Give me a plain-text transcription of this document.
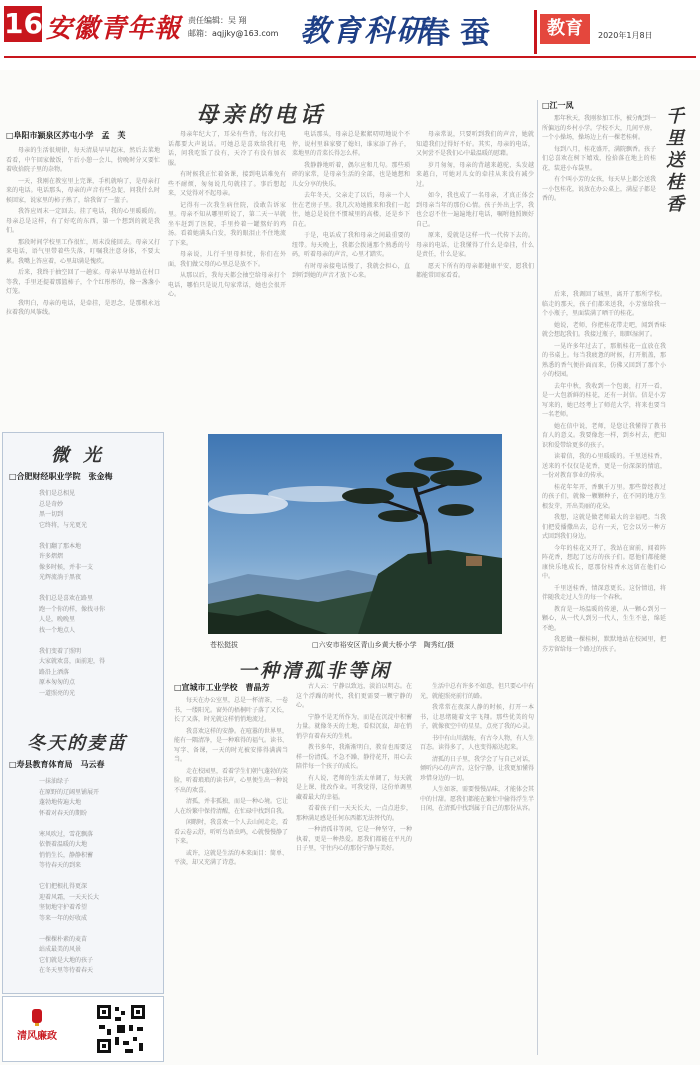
16 安徽青年報 责任编辑：吴 翔
邮箱：aqjjky@163.com 教育科研
春蚕	教育	2020年1月8日
母亲的电话
□阜阳市颍泉区苏屯小学　孟　芙

母亲的生活很规律，每天清晨早早起床，然后去菜地看看，中午回家做饭，午后小憩一会儿，傍晚时分又要忙着收拾院子里的杂物。

一天，我刚在教室里上完课，手机就响了，是母亲打来的电话。电话那头，母亲的声音有些急促，问我什么时候回家，说家里的柿子熟了，给我留了一篮子。

我答应周末一定回去。挂了电话，我的心里暖暖的。母亲总是这样，有了好吃的东西，第一个想到的就是我们。

那段时间学校里工作很忙，周末没能回去。母亲又打来电话，语气里带着些失落，叮嘱我注意身体，不要太累。我嘴上答应着，心里却满是愧疚。

后来，我终于抽空回了一趟家。母亲早早地站在村口等我，手里还提着那篮柿子，个个红彤彤的，像一盏盏小灯笼。

我明白，母亲的电话，是牵挂，是思念，是那根永远拉着我的风筝线。

母亲年纪大了，耳朵有些背，每次打电话都要大声说话。可她总是喜欢给我打电话，问我吃饭了没有，天冷了有没有加衣服。

有时候我正忙着备课，接到电话难免有些不耐烦，匆匆说几句就挂了。事后想起来，又觉得对不起母亲。

记得有一次我生病住院，没敢告诉家里。母亲不知从哪里听说了，第二天一早就坐车赶到了医院，手里拎着一罐熬好的鸡汤。看着她满头白发，我的眼泪止不住地流了下来。

母亲说，儿行千里母担忧，你们在外面，我们做父母的心里总是放不下。

从那以后，我每天都会抽空给母亲打个电话，哪怕只是说几句家常话，她也会很开心。

电话那头，母亲总是絮絮叨叨地说个不停，说村里谁家娶了媳妇，谁家添了孙子，菜地里的青菜长得怎么样。

我静静地听着，偶尔应和几句。那些琐碎的家常，是母亲生活的全部，也是她想和儿女分享的快乐。

去年冬天，父亲走了以后，母亲一个人住在老房子里。我几次劝她搬来和我们一起住，她总是说住不惯城里的高楼，还是乡下自在。

于是，电话成了我和母亲之间最重要的纽带。每天晚上，我都会拨通那个熟悉的号码，听着母亲的声音，心里才踏实。

有时母亲接电话慢了，我就会担心，直到听到她的声音才放下心来。

母亲常说，只要听到我们的声音，她就知道我们过得好不好。其实，母亲的电话，又何尝不是我们心中最温暖的慰藉。

岁月匆匆，母亲的背越来越驼，头发越来越白，可她对儿女的牵挂从来没有减少过。

如今，我也成了一名母亲，才真正体会到母亲当年的那份心情。孩子外出上学，我也会忍不住一遍遍地打电话，嘱咐他照顾好自己。

原来，爱就是这样一代一代传下去的。母亲的电话，让我懂得了什么是牵挂，什么是责任，什么是家。

愿天下所有的母亲都健康平安，愿我们都能常回家看看。

微光
□合肥财经职业学院　张金梅
我们是总相见
总是奇妙
黑一切到
它终将，与光更光

我们翻了那本地
许多熠熠
像多时候，并非一支
光辉流淌于黑夜

我们总是喜欢在路里
跑一个你的样，像找寻你
人是，晚晚里
找一个地点人

我们变着了照明
大家就欢喜，面前迎，得
路沿上洒落
原本匆匆的点
一道照亮的光
冬天的麦苗
□寿县教育体育局　马云春
一抹油绿子
在原野的辽阔里铺展开
蓬勃地传遍大地
怀着对春天的期盼

寒风吹过，雪花飘落
依偎着温暖的大地
悄悄生长，静静积蓄
等待春天的到来

它们把根扎得更深
迎着风霜，一天天长大
坚韧地守护着希望
等来一年的好收成

一棵棵朴素的麦苗
站成最美的风景
它们就是大地的孩子
在冬天里等待着春天
清风廉政
苍松挺拔	□六安市裕安区青山乡黄大桥小学　陶秀红/摄
一种清孤非等闲
□宣城市工业学校　曹晶芳

每天在办公室里，总是一杯清茶，一卷书，一缕阳光。窗外的梧桐叶子落了又长，长了又落，时光就这样悄悄地流过。

我喜欢这样的安静。在喧嚣的世界里，能有一隅清净，是一种难得的福气。读书、写字、备课，一天的时光被安排得满满当当。

走在校园里，看着学生们朝气蓬勃的笑脸，听着琅琅的读书声，心里便生出一种说不出的欢喜。

清孤，并非孤独，而是一种心境。它让人在纷繁中保持清醒，在忙碌中找到自我。

闲暇时，我喜欢一个人去山间走走，看看云卷云舒，听听鸟语虫鸣，心就慢慢静了下来。

或许，这就是生活的本来面目：简单、平淡，却又充满了诗意。

古人云：宁静以致远，淡泊以明志。在这个浮躁的时代，我们更需要一颗宁静的心。

宁静不是无所作为，而是在沉淀中积蓄力量。就像冬天的土地，看似沉寂，却在悄悄孕育着春天的生机。

教书多年，我渐渐明白，教育也需要这样一份清孤。不急不躁，静待花开，用心去陪伴每一个孩子的成长。

有人说，老师的生活太单调了，每天就是上课、批改作业。可我觉得，这份单调里藏着最大的幸福。

看着孩子们一天天长大，一点点进步，那种满足感是任何东西都无法替代的。

一种清孤非等闲，它是一种坚守，一种执着，更是一种热爱。愿我们都能在平凡的日子里，守住内心的那份宁静与美好。

生活中总有许多不如意，但只要心中有光，就能照亮前行的路。

我常常在夜深人静的时候，打开一本书，让思绪随着文字飞翔。那些优美的句子，就像夜空中的星星，点亮了我的心灵。

书中有山川湖海，有古今人物，有人生百态。读得多了，人也变得豁达起来。

清孤的日子里，我学会了与自己对话，倾听内心的声音。这份宁静，让我更加懂得珍惜身边的一切。

人生如茶，需要慢慢品味，才能体会其中的甘甜。愿我们都能在繁忙中偷得浮生半日闲，在清孤中找到属于自己的那份从容。

□江一凤
千里送桂香

那年秋天，我刚参加工作，被分配到一所偏远的乡村小学。学校不大，几间平房，一个小操场，操场边上有一棵老桂树。

每到八月，桂花盛开，满院飘香。孩子们总喜欢在树下嬉戏，捡拾落在地上的桂花，装进小布袋里。

有个叫小芳的女孩，每天早上都会送我一小包桂花，说放在办公桌上，满屋子都是香的。

后来，我调回了城里，离开了那所学校。临走的那天，孩子们都来送我，小芳塞给我一个小瓶子，里面装满了晒干的桂花。

她说，老师，你把桂花带走吧，闻到香味就会想起我们。我接过瓶子，眼眶湿润了。

一晃许多年过去了，那瓶桂花一直放在我的书桌上。每当我疲惫的时候，打开瓶盖，那熟悉的香气便扑面而来，仿佛又回到了那个小小的校园。

去年中秋，我收到一个包裹，打开一看，是一大包新鲜的桂花，还有一封信。信是小芳写来的，她已经考上了师范大学，将来也要当一名老师。

她在信中说，老师，是您让我懂得了教书育人的意义。我要像您一样，到乡村去，把知识和爱带给更多的孩子。

读着信，我的心里暖暖的。千里送桂香，送来的不仅仅是花香，更是一份深深的情谊，一份对教育事业的传承。

桂花年年开，香飘千万里。那些曾经教过的孩子们，就像一颗颗种子，在不同的地方生根发芽，开出美丽的花朵。

我想，这就是做老师最大的幸福吧。当我们把爱播撒出去，总有一天，它会以另一种方式回到我们身边。

今年的桂花又开了，我站在窗前，闻着阵阵花香，想起了远方的孩子们。愿他们都能健康快乐地成长，愿那份桂香永远留在他们心中。

千里送桂香，情深意更长。这份情谊，将伴随我走过人生的每一个春秋。

教育是一场温暖的传递，从一颗心到另一颗心，从一代人到另一代人，生生不息，绵延不绝。

我愿做一棵桂树，默默地站在校园里，把芬芳留给每一个路过的孩子。
